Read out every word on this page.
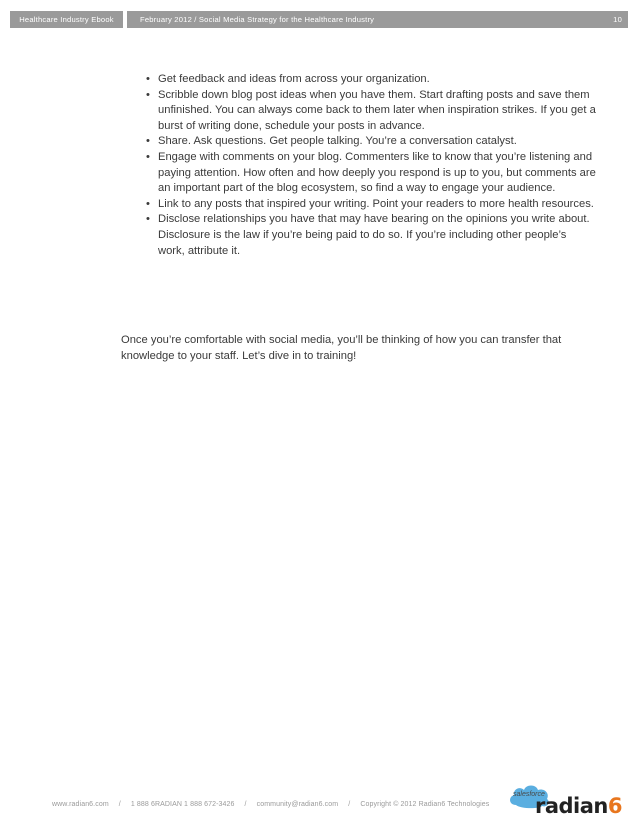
Healthcare Industry Ebook	February 2012 / Social Media Strategy for the Healthcare Industry	10
• Get feedback and ideas from across your organization.
• Scribble down blog post ideas when you have them. Start drafting posts and save them unfinished. You can always come back to them later when inspiration strikes. If you get a burst of writing done, schedule your posts in advance.
• Share. Ask questions. Get people talking. You’re a conversation catalyst.
• Engage with comments on your blog. Commenters like to know that you’re listening and paying attention. How often and how deeply you respond is up to you, but comments are an important part of the blog ecosystem, so find a way to engage your audience.
• Link to any posts that inspired your writing. Point your readers to more health resources.
• Disclose relationships you have that may have bearing on the opinions you write about. Disclosure is the law if you’re being paid to do so. If you’re including other people’s work, attribute it.

Once you’re comfortable with social media, you’ll be thinking of how you can transfer that knowledge to your staff. Let’s dive in to training!

www.radian6.com / 1 888 6RADIAN 1 888 672-3426 / community@radian6.com / Copyright © 2012 Radian6 Technologies
salesforce
radian6
